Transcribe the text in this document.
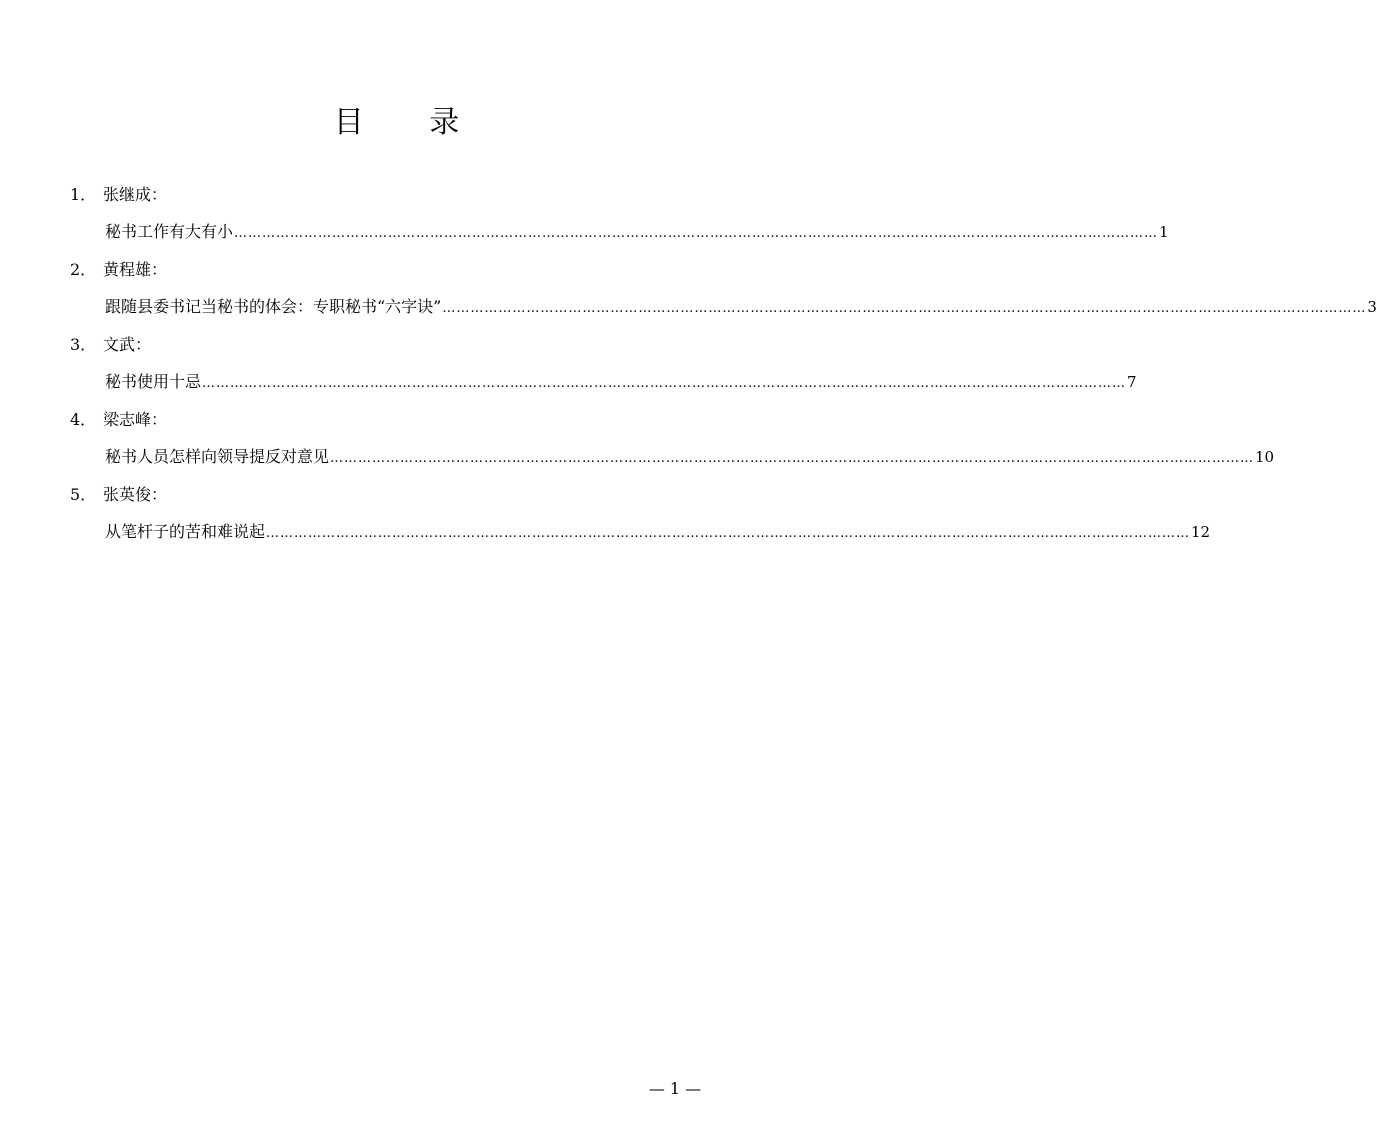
目 录
1． 张继成：
秘书工作有大有小 ……………………………………………………………………………………………………………………………………………………………………………… 1
2． 黄程雄：
跟随县委书记当秘书的体会：专职秘书“六字诀” ……………………………………………………………………………………………………………………………………………………………………………… 3
3． 文武：
秘书使用十忌 ……………………………………………………………………………………………………………………………………………………………………………… 7
4． 梁志峰：
秘书人员怎样向领导提反对意见 ……………………………………………………………………………………………………………………………………………………………………………… 10
5． 张英俊：
从笔杆子的苦和难说起 ……………………………………………………………………………………………………………………………………………………………………………… 12
— 1 —
